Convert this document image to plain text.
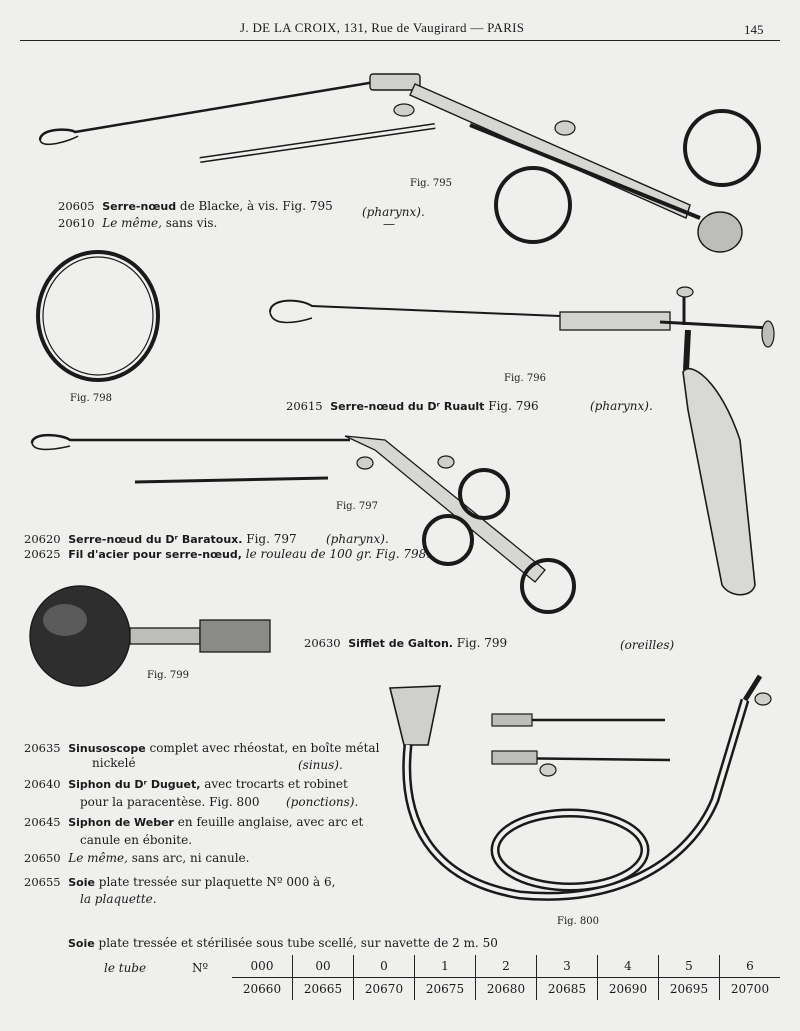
J. DE LA CROIX, 131, Rue de Vaugirard — PARIS	145
Fig. 795
Fig. 796
Fig. 797
Fig. 798
Fig. 799
Fig. 800
20605 Serre-nœud de Blacke, à vis. Fig. 795 (pharynx).
20610 Le même, sans vis.	—
20615 Serre-nœud du Dʳ Ruault Fig. 796	(pharynx).
20620 Serre-nœud du Dʳ Baratoux. Fig. 797 (pharynx).
20625 Fil d'acier pour serre-nœud, le rouleau de 100 gr. Fig. 798.
20630 Sifflet de Galton. Fig. 799	(oreilles)
20635 Sinusoscope complet avec rhéostat, en boîte métal
nickelé	(sinus).
20640 Siphon du Dʳ Duguet, avec trocarts et robinet
pour la paracentèse. Fig. 800 (ponctions).
20645 Siphon de Weber en feuille anglaise, avec arc et
canule en ébonite.
20650 Le même, sans arc, ni canule.
20655 Soie plate tressée sur plaquette Nº 000 à 6,
la plaquette.
Soie plate tressée et stérilisée sous tube scellé, sur navette de 2 m. 50
le tube	Nº	000	00	0	1	2	3	4	5	6
20660	20665	20670	20675	20680	20685	20690	20695	20700
